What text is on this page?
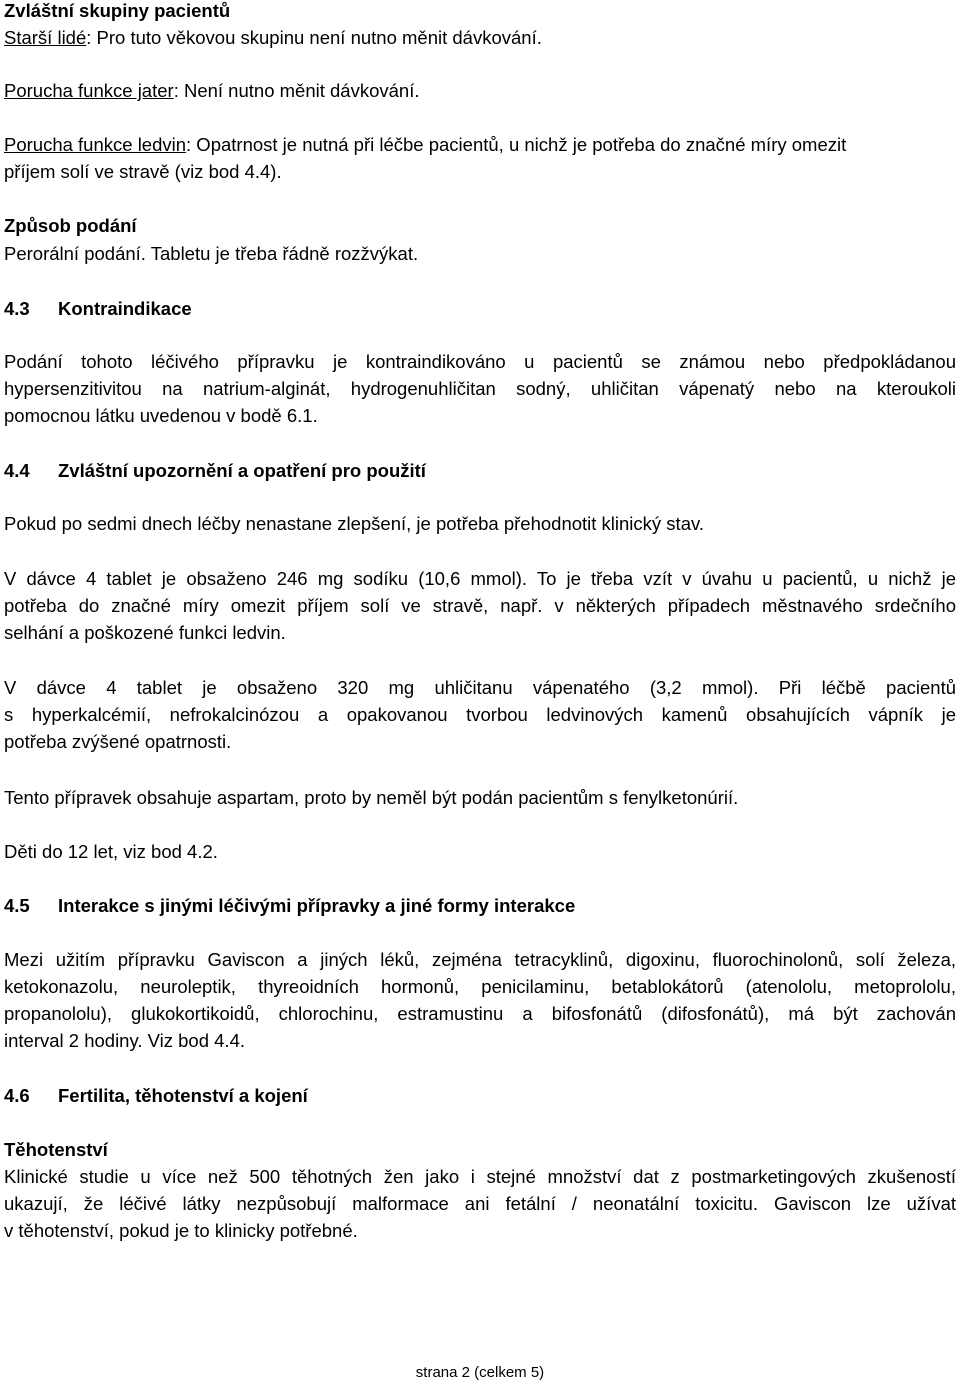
Zvláštní skupiny pacientů
Starší lidé: Pro tuto věkovou skupinu není nutno měnit dávkování.
Porucha funkce jater: Není nutno měnit dávkování.
Porucha funkce ledvin: Opatrnost je nutná při léčbe pacientů, u nichž je potřeba do značné míry omezit
příjem solí ve stravě (viz bod 4.4).
Způsob podání
Perorální podání. Tabletu je třeba řádně rozžvýkat.
4.3 Kontraindikace
Podání tohoto léčivého přípravku je kontraindikováno u pacientů se známou nebo předpokládanou
hypersenzitivitou na natrium-alginát, hydrogenuhličitan sodný, uhličitan vápenatý nebo na kteroukoli
pomocnou látku uvedenou v bodě 6.1.
4.4 Zvláštní upozornění a opatření pro použití
Pokud po sedmi dnech léčby nenastane zlepšení, je potřeba přehodnotit klinický stav.
V dávce 4 tablet je obsaženo 246 mg sodíku (10,6 mmol). To je třeba vzít v úvahu u pacientů, u nichž je
potřeba do značné míry omezit příjem solí ve stravě, např. v některých případech městnavého srdečního
selhání a poškozené funkci ledvin.
V dávce 4 tablet je obsaženo 320 mg uhličitanu vápenatého (3,2 mmol). Při léčbě pacientů
s hyperkalcémií, nefrokalcinózou a opakovanou tvorbou ledvinových kamenů obsahujících vápník je
potřeba zvýšené opatrnosti.
Tento přípravek obsahuje aspartam, proto by neměl být podán pacientům s fenylketonúrií.
Děti do 12 let, viz bod 4.2.
4.5 Interakce s jinými léčivými přípravky a jiné formy interakce
Mezi užitím přípravku Gaviscon a jiných léků, zejména tetracyklinů, digoxinu, fluorochinolonů, solí železa,
ketokonazolu, neuroleptik, thyreoidních hormonů, penicilaminu, betablokátorů (atenololu, metoprololu,
propanololu), glukokortikoidů, chlorochinu, estramustinu a bifosfonátů (difosfonátů), má být zachován
interval 2 hodiny. Viz bod 4.4.
4.6 Fertilita, těhotenství a kojení
Těhotenství
Klinické studie u více než 500 těhotných žen jako i stejné množství dat z postmarketingových zkušeností
ukazují, že léčivé látky nezpůsobují malformace ani fetální / neonatální toxicitu. Gaviscon lze užívat
v těhotenství, pokud je to klinicky potřebné.
strana 2 (celkem 5)
